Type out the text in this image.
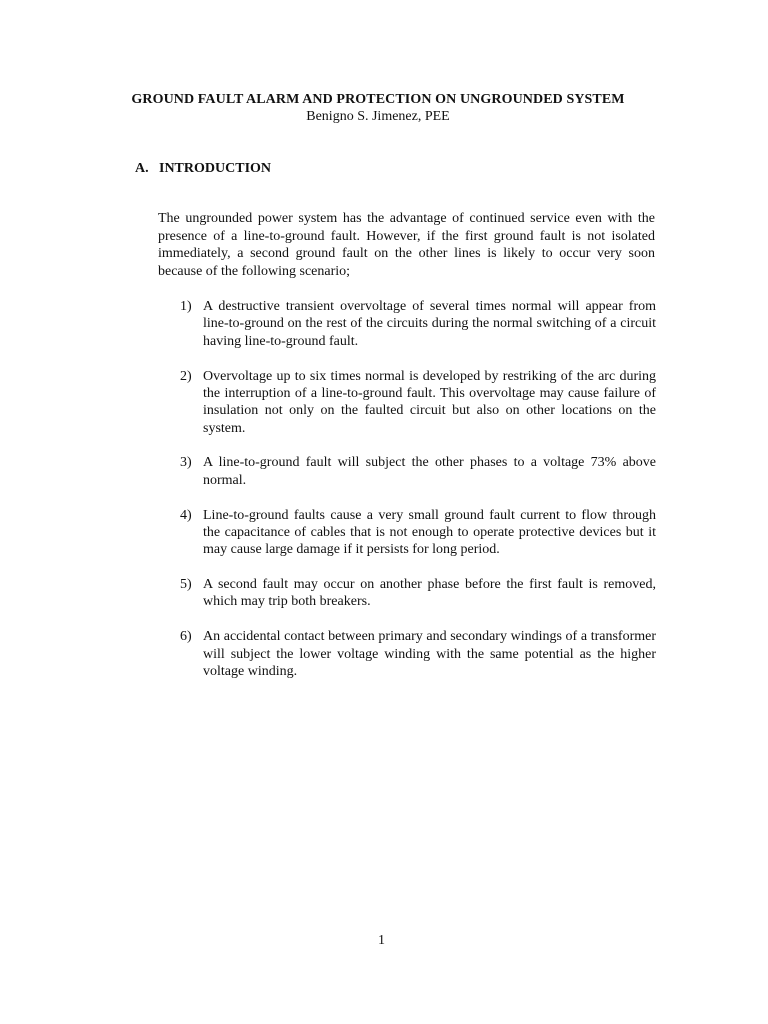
GROUND FAULT ALARM AND PROTECTION ON UNGROUNDED SYSTEM
Benigno S. Jimenez, PEE
A. INTRODUCTION

The ungrounded power system has the advantage of continued service even with the presence of a line-to-ground fault. However, if the first ground fault is not isolated immediately, a second ground fault on the other lines is likely to occur very soon because of the following scenario;

1) A destructive transient overvoltage of several times normal will appear from line-to-ground on the rest of the circuits during the normal switching of a circuit having line-to-ground fault.
2) Overvoltage up to six times normal is developed by restriking of the arc during the interruption of a line-to-ground fault. This overvoltage may cause failure of insulation not only on the faulted circuit but also on other locations on the system.
3) A line-to-ground fault will subject the other phases to a voltage 73% above normal.
4) Line-to-ground faults cause a very small ground fault current to flow through the capacitance of cables that is not enough to operate protective devices but it may cause large damage if it persists for long period.
5) A second fault may occur on another phase before the first fault is removed, which may trip both breakers.
6) An accidental contact between primary and secondary windings of a transformer will subject the lower voltage winding with the same potential as the higher voltage winding.
1
